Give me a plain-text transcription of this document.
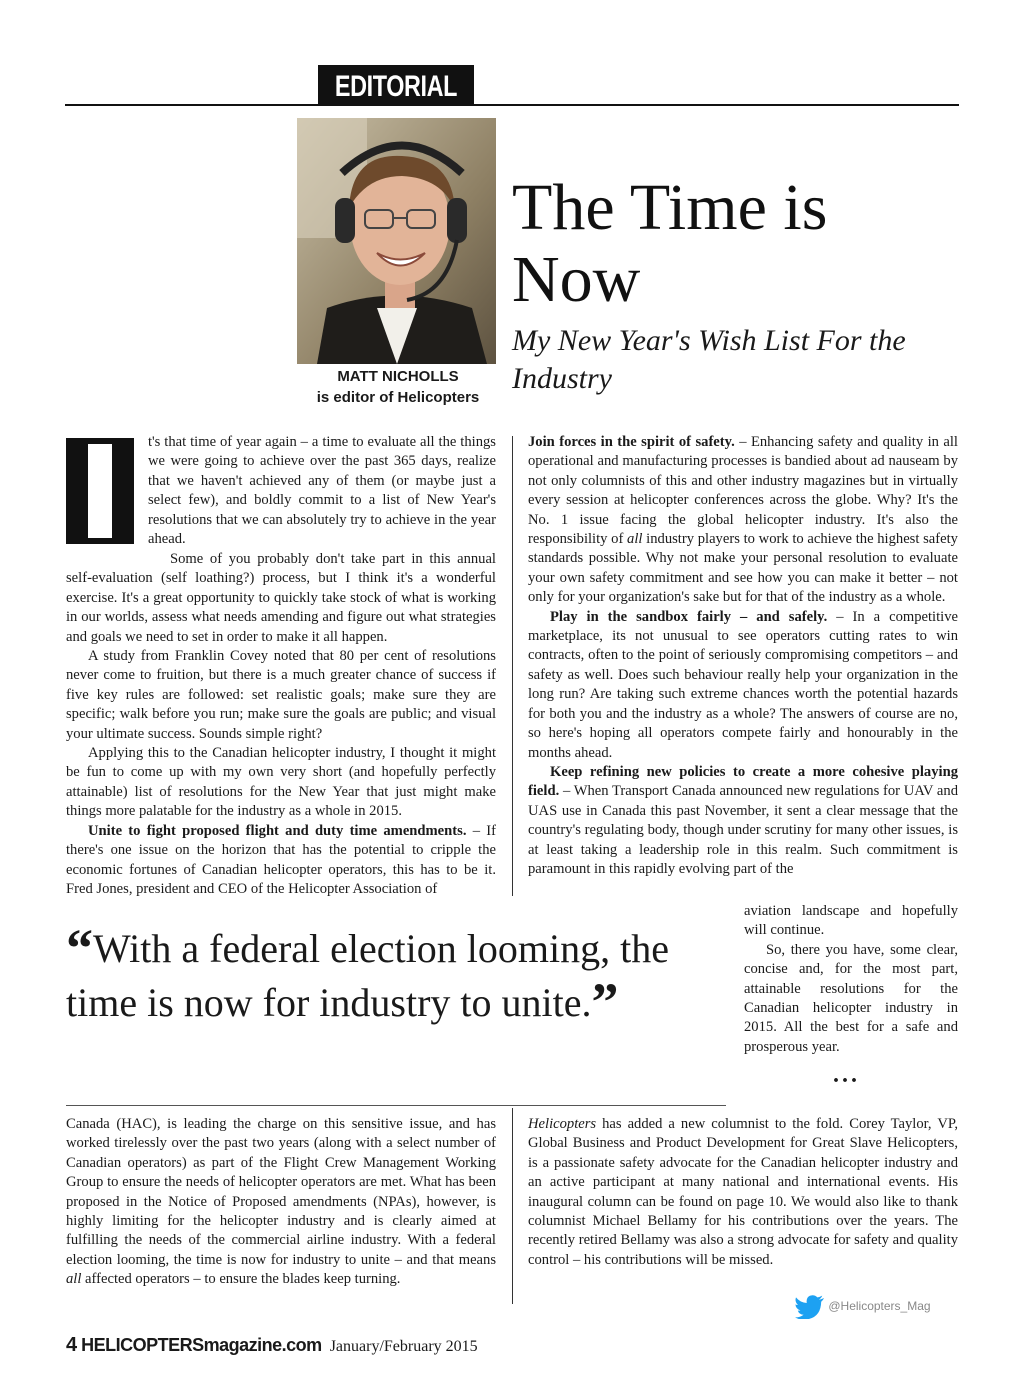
EDITORIAL
MATT NICHOLLS
is editor of Helicopters
The Time is Now
My New Year's Wish List For the Industry

t's that time of year again – a time to evaluate all the things we were going to achieve over the past 365 days, realize that we haven't achieved any of them (or maybe just a select few), and boldly commit to a list of New Year's resolutions that we can absolutely try to achieve in the year ahead.

Some of you probably don't take part in this annual self-evaluation (self loathing?) process, but I think it's a wonderful exercise. It's a great opportunity to quickly take stock of what is working in our worlds, assess what needs amending and figure out what strategies and goals we need to set in order to make it all happen.

A study from Franklin Covey noted that 80 per cent of resolutions never come to fruition, but there is a much greater chance of success if five key rules are followed: set realistic goals; make sure they are specific; walk before you run; make sure the goals are public; and visual your ultimate success. Sounds simple right?

Applying this to the Canadian helicopter industry, I thought it might be fun to come up with my own very short (and hopefully perfectly attainable) list of resolutions for the New Year that just might make things more palatable for the industry as a whole in 2015.

Unite to fight proposed flight and duty time amendments. – If there's one issue on the horizon that has the potential to cripple the economic fortunes of Canadian helicopter operators, this has to be it. Fred Jones, president and CEO of the Helicopter Association of

Join forces in the spirit of safety. – Enhancing safety and quality in all operational and manufacturing processes is bandied about ad nauseam by not only columnists of this and other industry magazines but in virtually every session at helicopter conferences across the globe. Why? It's the No. 1 issue facing the global helicopter industry. It's also the responsibility of all industry players to work to achieve the highest safety standards possible. Why not make your personal resolution to evaluate your own safety commitment and see how you can make it better – not only for your organization's sake but for that of the industry as a whole.

Play in the sandbox fairly – and safely. – In a competitive marketplace, its not unusual to see operators cutting rates to win contracts, often to the point of seriously compromising competitors – and safety as well. Does such behaviour really help your organization in the long run? Are taking such extreme chances worth the potential hazards for both you and the industry as a whole? The answers of course are no, so here's hoping all operators compete fairly and honourably in the months ahead.

Keep refining new policies to create a more cohesive playing field. – When Transport Canada announced new regulations for UAV and UAS use in Canada this past November, it sent a clear message that the country's regulating body, though under scrutiny for many other issues, is at least taking a leadership role in this realm. Such commitment is paramount in this rapidly evolving part of the

aviation landscape and hopefully will continue.

So, there you have, some clear, concise and, for the most part, attainable resolutions for the Canadian helicopter industry in 2015. All the best for a safe and prosperous year.

...
“With a federal election looming, the time is now for industry to unite.”

Canada (HAC), is leading the charge on this sensitive issue, and has worked tirelessly over the past two years (along with a select number of Canadian operators) as part of the Flight Crew Management Working Group to ensure the needs of helicopter operators are met. What has been proposed in the Notice of Proposed amendments (NPAs), however, is highly limiting for the helicopter industry and is clearly aimed at fulfilling the needs of the commercial airline industry. With a federal election looming, the time is now for industry to unite – and that means all affected operators – to ensure the blades keep turning.

Helicopters has added a new columnist to the fold. Corey Taylor, VP, Global Business and Product Development for Great Slave Helicopters, is a passionate safety advocate for the Canadian helicopter industry and an active participant at many national and international events. His inaugural column can be found on page 10. We would also like to thank columnist Michael Bellamy for his contributions over the years. The recently retired Bellamy was also a strong advocate for safety and quality control – his contributions will be missed.

@Helicopters_Mag
4 HELICOPTERSmagazine.com January/February 2015
